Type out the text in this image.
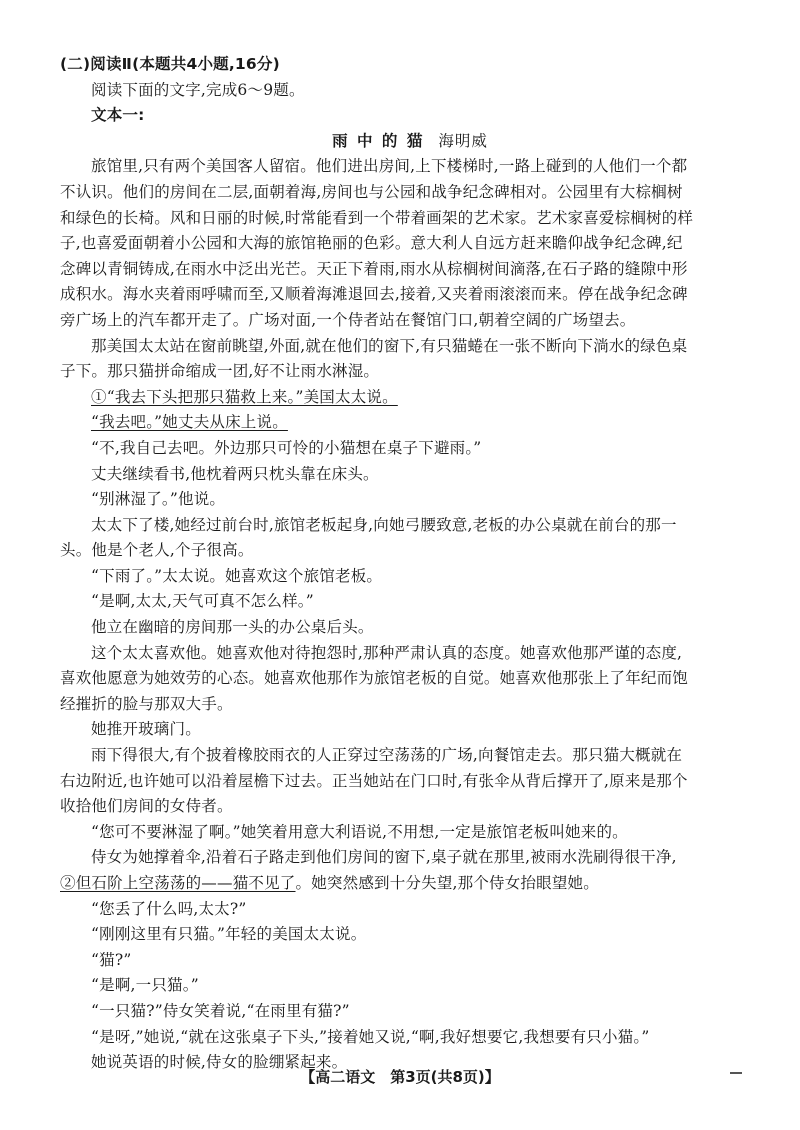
(二)阅读Ⅱ(本题共4小题,16分)
阅读下面的文字,完成6～9题。
文本一:
雨 中 的 猫 海明威
旅馆里,只有两个美国客人留宿。他们进出房间,上下楼梯时,一路上碰到的人他们一个都
不认识。他们的房间在二层,面朝着海,房间也与公园和战争纪念碑相对。公园里有大棕榈树
和绿色的长椅。风和日丽的时候,时常能看到一个带着画架的艺术家。艺术家喜爱棕榈树的样
子,也喜爱面朝着小公园和大海的旅馆艳丽的色彩。意大利人自远方赶来瞻仰战争纪念碑,纪
念碑以青铜铸成,在雨水中泛出光芒。天正下着雨,雨水从棕榈树间滴落,在石子路的缝隙中形
成积水。海水夹着雨呼啸而至,又顺着海滩退回去,接着,又夹着雨滚滚而来。停在战争纪念碑
旁广场上的汽车都开走了。广场对面,一个侍者站在餐馆门口,朝着空阔的广场望去。
那美国太太站在窗前眺望,外面,就在他们的窗下,有只猫蜷在一张不断向下淌水的绿色桌
子下。那只猫拼命缩成一团,好不让雨水淋湿。
①“我去下头把那只猫救上来。”美国太太说。
“我去吧。”她丈夫从床上说。
“不,我自己去吧。外边那只可怜的小猫想在桌子下避雨。”
丈夫继续看书,他枕着两只枕头靠在床头。
“别淋湿了。”他说。
太太下了楼,她经过前台时,旅馆老板起身,向她弓腰致意,老板的办公桌就在前台的那一
头。他是个老人,个子很高。
“下雨了。”太太说。她喜欢这个旅馆老板。
“是啊,太太,天气可真不怎么样。”
他立在幽暗的房间那一头的办公桌后头。
这个太太喜欢他。她喜欢他对待抱怨时,那种严肃认真的态度。她喜欢他那严谨的态度,
喜欢他愿意为她效劳的心态。她喜欢他那作为旅馆老板的自觉。她喜欢他那张上了年纪而饱
经摧折的脸与那双大手。
她推开玻璃门。
雨下得很大,有个披着橡胶雨衣的人正穿过空荡荡的广场,向餐馆走去。那只猫大概就在
右边附近,也许她可以沿着屋檐下过去。正当她站在门口时,有张伞从背后撑开了,原来是那个
收拾他们房间的女侍者。
“您可不要淋湿了啊。”她笑着用意大利语说,不用想,一定是旅馆老板叫她来的。
侍女为她撑着伞,沿着石子路走到他们房间的窗下,桌子就在那里,被雨水洗刷得很干净,
②但石阶上空荡荡的——猫不见了。她突然感到十分失望,那个侍女抬眼望她。
“您丢了什么吗,太太?”
“刚刚这里有只猫。”年轻的美国太太说。
“猫?”
“是啊,一只猫。”
“一只猫?”侍女笑着说,“在雨里有猫?”
“是呀,”她说,“就在这张桌子下头,”接着她又说,“啊,我好想要它,我想要有只小猫。”
她说英语的时候,侍女的脸绷紧起来。
【高二语文　第3页(共8页)】
